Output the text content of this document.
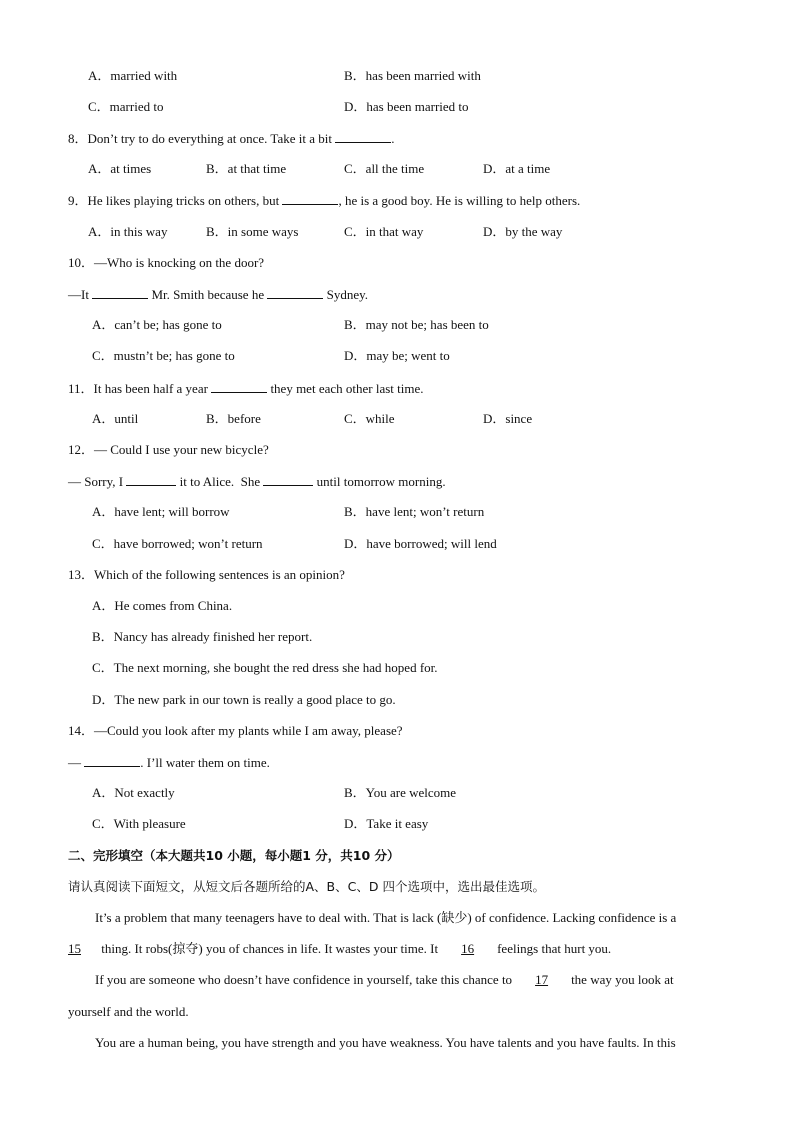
A．married with	B．has been married with
C．married to	D．has been married to
8．Don’t try to do everything at once. Take it a bit	.
A．at times	B．at that time	C．all the time	D．at a time
9．He likes playing tricks on others, but	, he is a good boy. He is willing to help others.
A．in this way	B．in some ways	C．in that way	D．by the way
10．—Who is knocking on the door?
—It	Mr. Smith because he	Sydney.
A．can’t be; has gone to	B．may not be; has been to
C．mustn’t be; has gone to	D．may be; went to
11．It has been half a year	they met each other last time.
A．until	B．before	C．while	D．since
12．— Could I use your new bicycle?
— Sorry, I	it to Alice.  She	until tomorrow morning.
A．have lent; will borrow	B．have lent; won’t return
C．have borrowed; won’t return	D．have borrowed; will lend
13．Which of the following sentences is an opinion?
A．He comes from China.
B．Nancy has already finished her report.
C．The next morning, she bought the red dress she had hoped for.
D．The new park in our town is really a good place to go.
14．—Could you look after my plants while I am away, please?
—	. I’ll water them on time.
A．Not exactly	B．You are welcome
C．With pleasure	D．Take it easy
二、完形填空（本大题共10 小题，每小题1 分，共10 分）
请认真阅读下面短文，从短文后各题所给的A、B、C、D 四个选项中，选出最佳选项。
It’s a problem that many teenagers have to deal with. That is lack (缺少) of confidence. Lacking confidence is a
15 thing. It robs(掠夺) you of chances in life. It wastes your time. It  16  feelings that hurt you.
If you are someone who doesn’t have confidence in yourself, take this chance to  17  the way you look at
yourself and the world.
You are a human being, you have strength and you have weakness. You have talents and you have faults. In this
